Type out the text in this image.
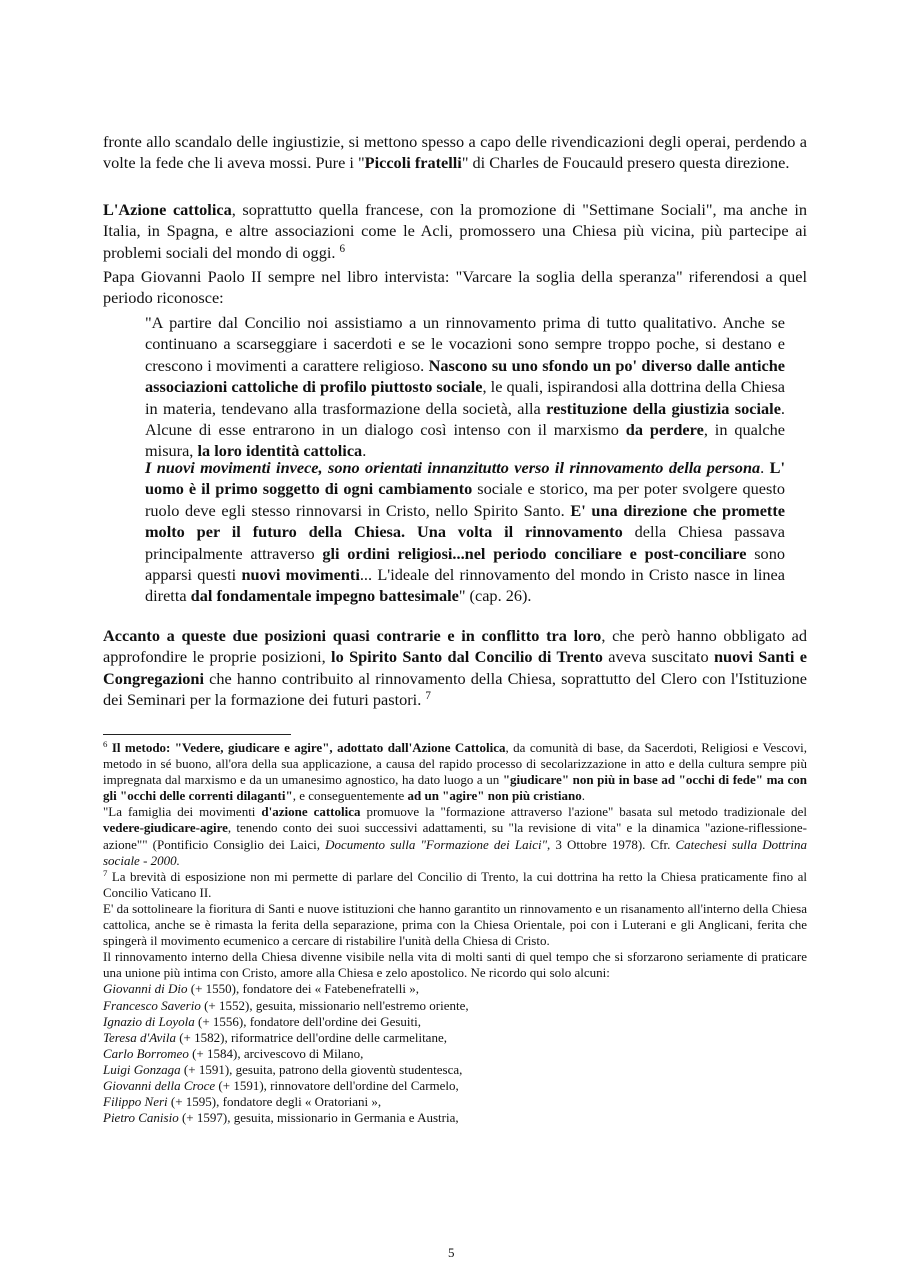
fronte allo scandalo delle ingiustizie, si mettono spesso a capo delle rivendicazioni degli operai, perdendo a volte la fede che li aveva mossi. Pure i "Piccoli fratelli" di Charles de Foucauld presero questa direzione.

L'Azione cattolica, soprattutto quella francese, con la promozione di "Settimane Sociali", ma anche in Italia, in Spagna, e altre associazioni come le Acli, promossero una Chiesa più vicina, più partecipe ai problemi sociali del mondo di oggi. $^6$

Papa Giovanni Paolo II sempre nel libro intervista: "Varcare la soglia della speranza" riferendosi a quel periodo riconosce:

"A partire dal Concilio noi assistiamo a un rinnovamento prima di tutto qualitativo. Anche se continuano a scarseggiare i sacerdoti e se le vocazioni sono sempre troppo poche, si destano e crescono i movimenti a carattere religioso. Nascono su uno sfondo un po' diverso dalle antiche associazioni cattoliche di profilo piuttosto sociale, le quali, ispirandosi alla dottrina della Chiesa in materia, tendevano alla trasformazione della società, alla restituzione della giustizia sociale. Alcune di esse entrarono in un dialogo così intenso con il marxismo da perdere, in qualche misura, la loro identità cattolica.

I nuovi movimenti invece, sono orientati innanzitutto verso il rinnovamento della persona. L' uomo è il primo soggetto di ogni cambiamento sociale e storico, ma per poter svolgere questo ruolo deve egli stesso rinnovarsi in Cristo, nello Spirito Santo. E' una direzione che promette molto per il futuro della Chiesa. Una volta il rinnovamento della Chiesa passava principalmente attraverso gli ordini religiosi...nel periodo conciliare e post-conciliare sono apparsi questi nuovi movimenti... L'ideale del rinnovamento del mondo in Cristo nasce in linea diretta dal fondamentale impegno battesimale" (cap. 26).

Accanto a queste due posizioni quasi contrarie e in conflitto tra loro, che però hanno obbligato ad approfondire le proprie posizioni, lo Spirito Santo dal Concilio di Trento aveva suscitato nuovi Santi e Congregazioni che hanno contribuito al rinnovamento della Chiesa, soprattutto del Clero con l'Istituzione dei Seminari per la formazione dei futuri pastori. $^7$

$^6$ Il metodo: "Vedere, giudicare e agire", adottato dall'Azione Cattolica, da comunità di base, da Sacerdoti, Religiosi e Vescovi, metodo in sé buono, all'ora della sua applicazione, a causa del rapido processo di secolarizzazione in atto e della cultura sempre più impregnata dal marxismo e da un umanesimo agnostico, ha dato luogo a un "giudicare" non più in base ad "occhi di fede" ma con gli "occhi delle correnti dilaganti", e conseguentemente ad un "agire" non più cristiano.

"La famiglia dei movimenti d'azione cattolica promuove la "formazione attraverso l'azione" basata sul metodo tradizionale del vedere-giudicare-agire, tenendo conto dei suoi successivi adattamenti, su "la revisione di vita" e la dinamica "azione-riflessione-azione"" (Pontificio Consiglio dei Laici, Documento sulla "Formazione dei Laici", 3 Ottobre 1978). Cfr. Catechesi sulla Dottrina sociale - 2000.

$^7$ La brevità di esposizione non mi permette di parlare del Concilio di Trento, la cui dottrina ha retto la Chiesa praticamente fino al Concilio Vaticano II.

E' da sottolineare la fioritura di Santi e nuove istituzioni che hanno garantito un rinnovamento e un risanamento all'interno della Chiesa cattolica, anche se è rimasta la ferita della separazione, prima con la Chiesa Orientale, poi con i Luterani e gli Anglicani, ferita che spingerà il movimento ecumenico a cercare di ristabilire l'unità della Chiesa di Cristo.

Il rinnovamento interno della Chiesa divenne visibile nella vita di molti santi di quel tempo che si sforzarono seriamente di praticare una unione più intima con Cristo, amore alla Chiesa e zelo apostolico. Ne ricordo qui solo alcuni:

Giovanni di Dio (+ 1550), fondatore dei « Fatebenefratelli »,

Francesco Saverio (+ 1552), gesuita, missionario nell'estremo oriente,

Ignazio di Loyola (+ 1556), fondatore dell'ordine dei Gesuiti,

Teresa d'Avila (+ 1582), riformatrice dell'ordine delle carmelitane,

Carlo Borromeo (+ 1584), arcivescovo di Milano,

Luigi Gonzaga (+ 1591), gesuita, patrono della gioventù studentesca,

Giovanni della Croce (+ 1591), rinnovatore dell'ordine del Carmelo,

Filippo Neri (+ 1595), fondatore degli « Oratoriani »,

Pietro Canisio (+ 1597), gesuita, missionario in Germania e Austria,

5
